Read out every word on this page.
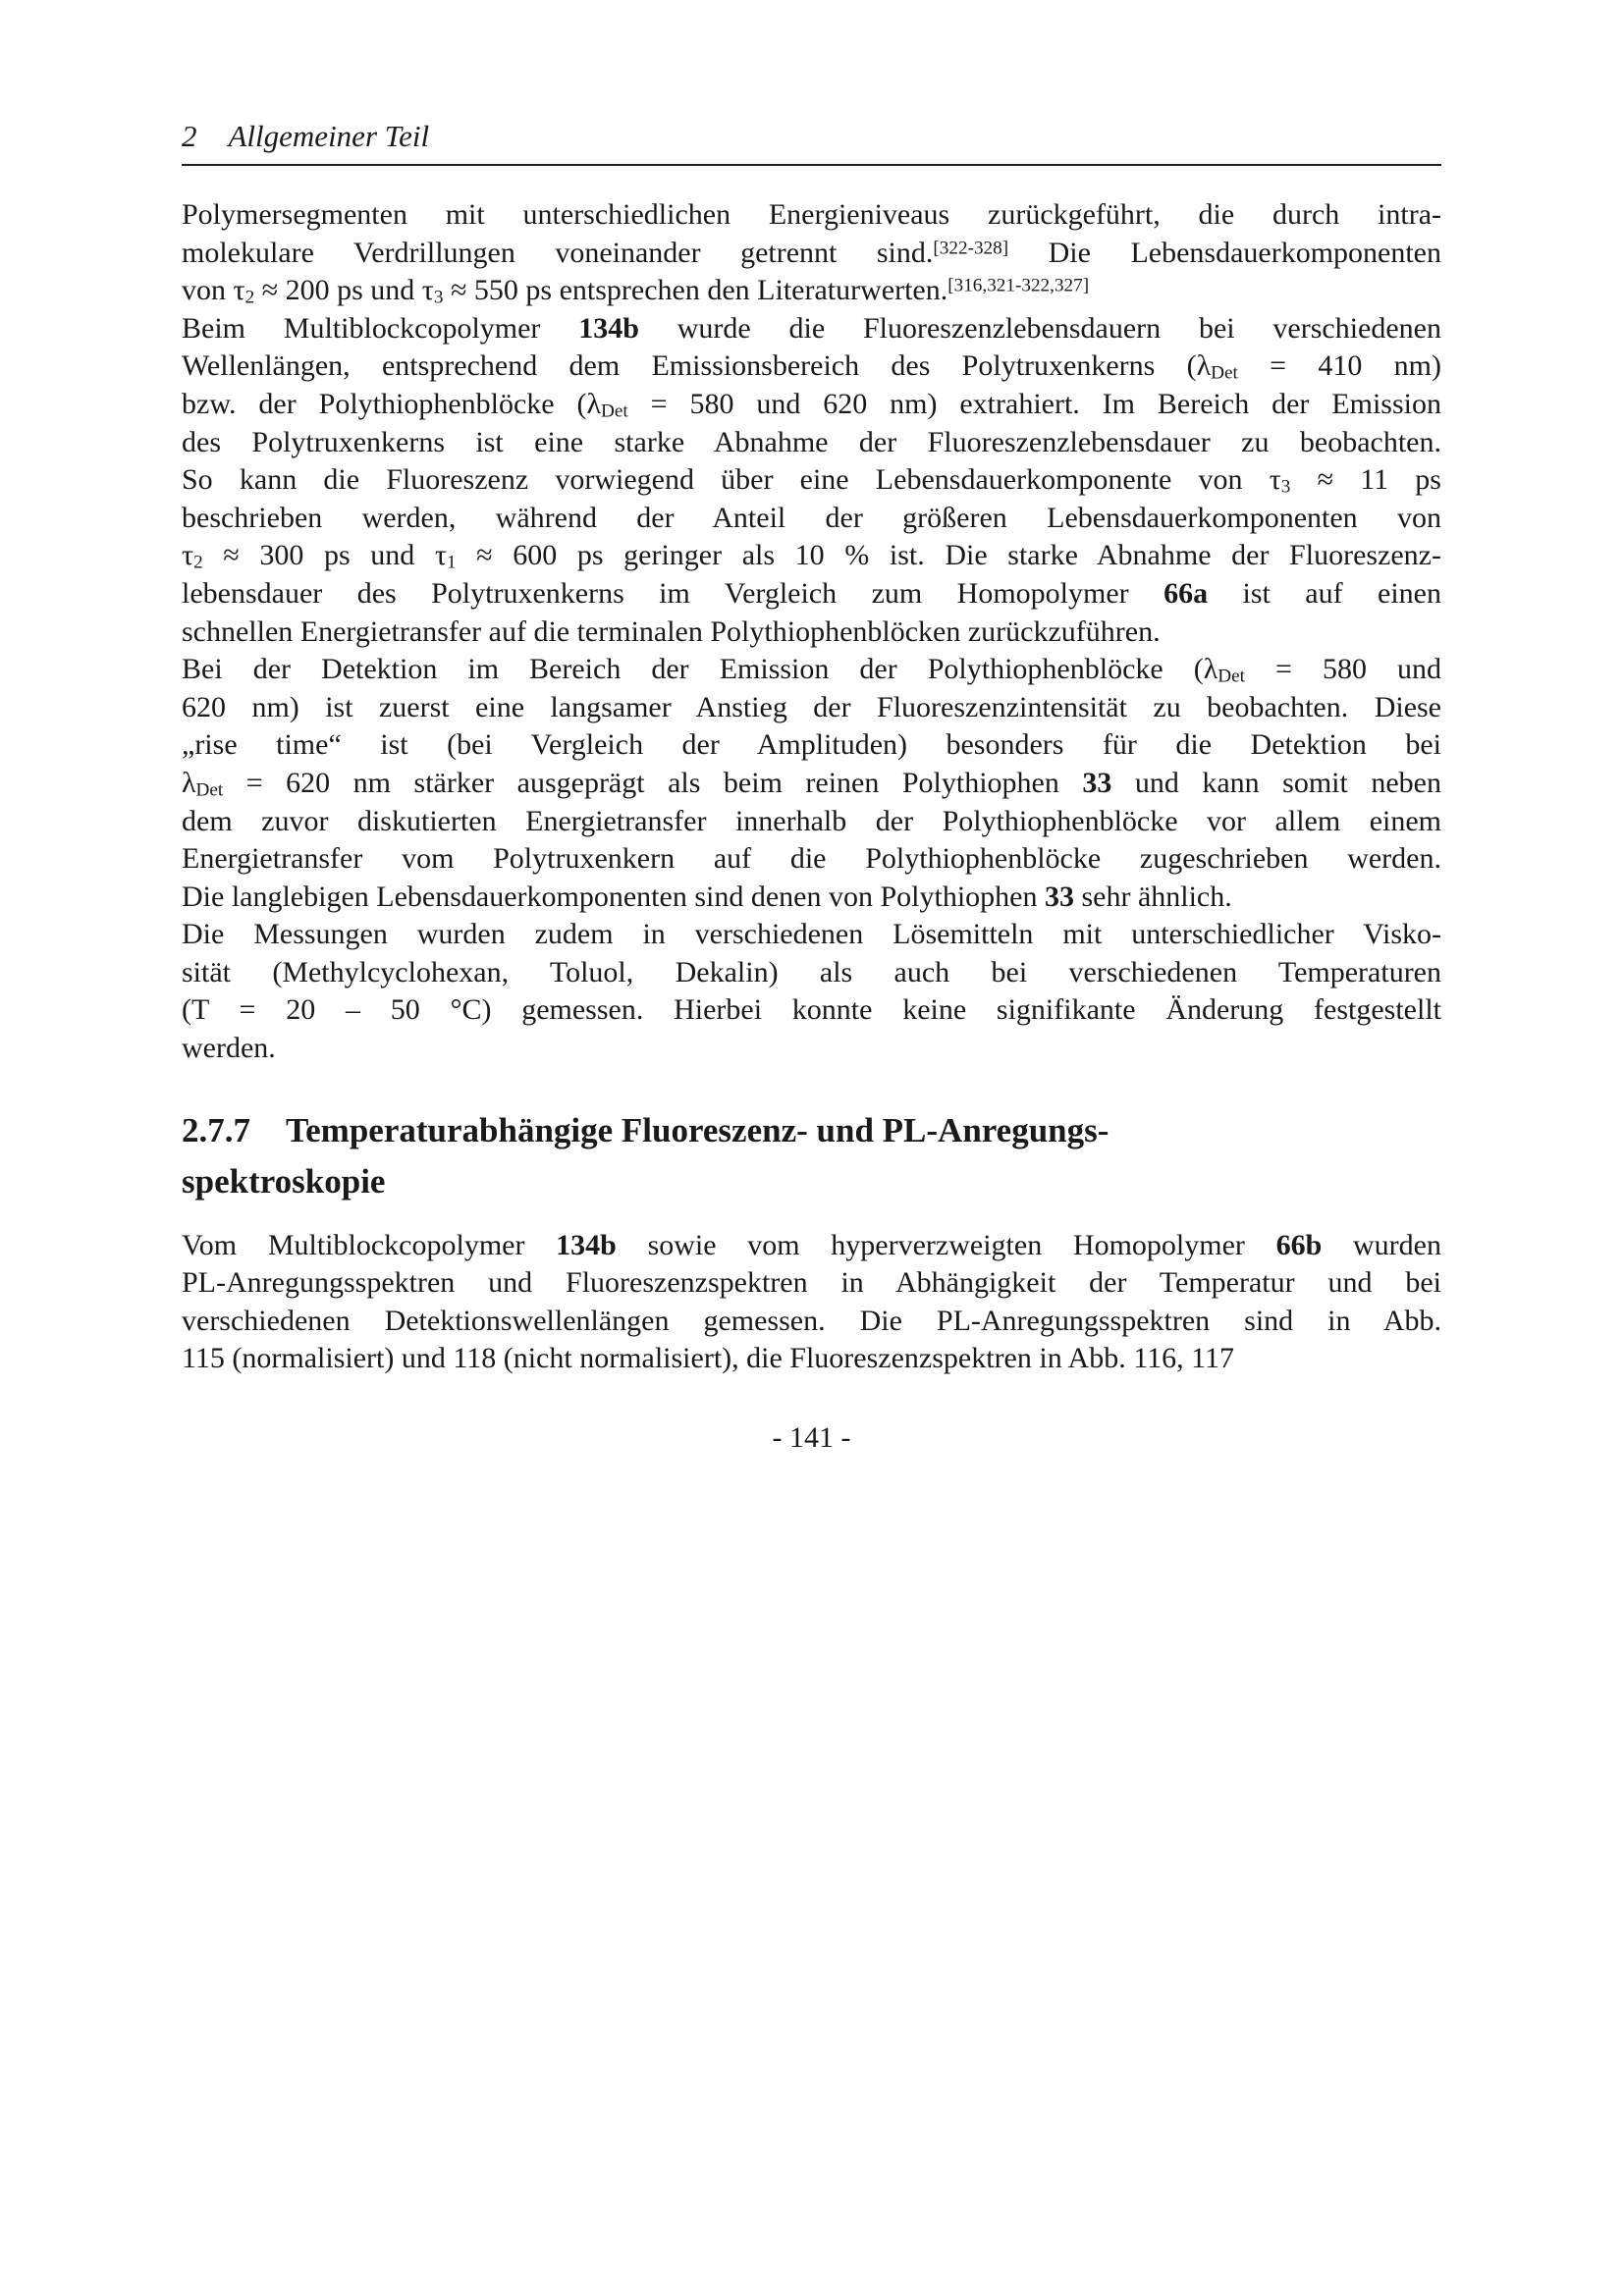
2 Allgemeiner Teil
Polymersegmenten mit unterschiedlichen Energieniveaus zurückgeführt, die durch intra-
molekulare Verdrillungen voneinander getrennt sind.[322-328] Die Lebensdauerkomponenten
von τ2 ≈ 200 ps und τ3 ≈ 550 ps entsprechen den Literaturwerten.[316,321-322,327]
Beim Multiblockcopolymer 134b wurde die Fluoreszenzlebensdauern bei verschiedenen
Wellenlängen, entsprechend dem Emissionsbereich des Polytruxenkerns (λDet = 410 nm)
bzw. der Polythiophenblöcke (λDet = 580 und 620 nm) extrahiert. Im Bereich der Emission
des Polytruxenkerns ist eine starke Abnahme der Fluoreszenzlebensdauer zu beobachten.
So kann die Fluoreszenz vorwiegend über eine Lebensdauerkomponente von τ3 ≈ 11 ps
beschrieben werden, während der Anteil der größeren Lebensdauerkomponenten von
τ2 ≈ 300 ps und τ1 ≈ 600 ps geringer als 10 % ist. Die starke Abnahme der Fluoreszenz-
lebensdauer des Polytruxenkerns im Vergleich zum Homopolymer 66a ist auf einen
schnellen Energietransfer auf die terminalen Polythiophenblöcken zurückzuführen.
Bei der Detektion im Bereich der Emission der Polythiophenblöcke (λDet = 580 und
620 nm) ist zuerst eine langsamer Anstieg der Fluoreszenzintensität zu beobachten. Diese
„rise time“ ist (bei Vergleich der Amplituden) besonders für die Detektion bei
λDet = 620 nm stärker ausgeprägt als beim reinen Polythiophen 33 und kann somit neben
dem zuvor diskutierten Energietransfer innerhalb der Polythiophenblöcke vor allem einem
Energietransfer vom Polytruxenkern auf die Polythiophenblöcke zugeschrieben werden.
Die langlebigen Lebensdauerkomponenten sind denen von Polythiophen 33 sehr ähnlich.
Die Messungen wurden zudem in verschiedenen Lösemitteln mit unterschiedlicher Visko-
sität (Methylcyclohexan, Toluol, Dekalin) als auch bei verschiedenen Temperaturen
(T = 20 – 50 °C) gemessen. Hierbei konnte keine signifikante Änderung festgestellt
werden.
2.7.7 Temperaturabhängige Fluoreszenz- und PL-Anregungs-
spektroskopie
Vom Multiblockcopolymer 134b sowie vom hyperverzweigten Homopolymer 66b wurden
PL-Anregungsspektren und Fluoreszenzspektren in Abhängigkeit der Temperatur und bei
verschiedenen Detektionswellenlängen gemessen. Die PL-Anregungsspektren sind in Abb.
115 (normalisiert) und 118 (nicht normalisiert), die Fluoreszenzspektren in Abb. 116, 117
- 141 -
